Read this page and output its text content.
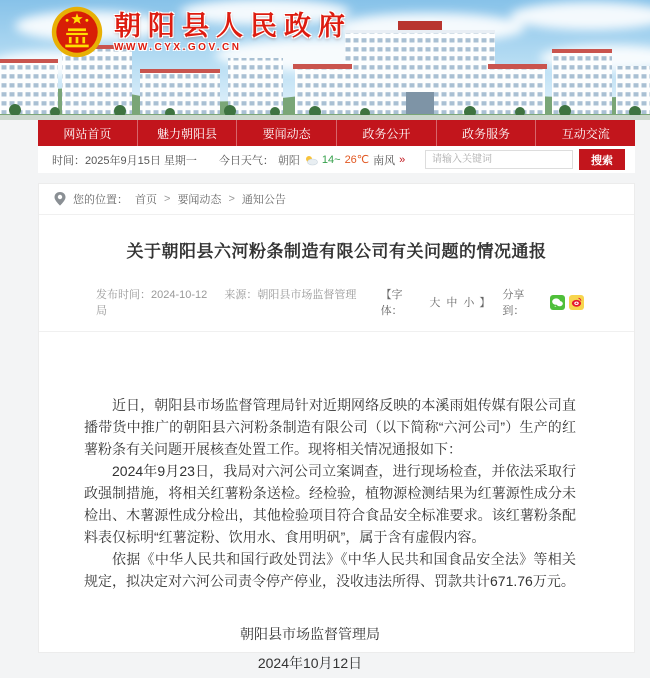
朝阳县人民政府
WWW.CYX.GOV.CN
网站首页	魅力朝阳县	要闻动态	政务公开	政务服务	互动交流
时间：2025年9月15日 星期一 今日天气： 朝阳 14~ 26℃ 南风 »
请输入关键词	搜索
您的位置： 首页 > 要闻动态 > 通知公告
关于朝阳县六河粉条制造有限公司有关问题的情况通报
发布时间：2024-10-12 来源：朝阳县市场监督管理局
【字体：
大 中 小 】
分享到：

近日，朝阳县市场监督管理局针对近期网络反映的本溪雨姐传媒有限公司直播带货中推广的朝阳县六河粉条制造有限公司（以下简称“六河公司”）生产的红薯粉条有关问题开展核查处置工作。现将相关情况通报如下：

2024年9月23日，我局对六河公司立案调查，进行现场检查，并依法采取行政强制措施，将相关红薯粉条送检。经检验，植物源检测结果为红薯源性成分未检出、木薯源性成分检出，其他检验项目符合食品安全标准要求。该红薯粉条配料表仅标明“红薯淀粉、饮用水、食用明矾”，属于含有虚假内容。

依据《中华人民共和国行政处罚法》《中华人民共和国食品安全法》等相关规定，拟决定对六河公司责令停产停业，没收违法所得、罚款共计671.76万元。

朝阳县市场监督管理局
2024年10月12日
